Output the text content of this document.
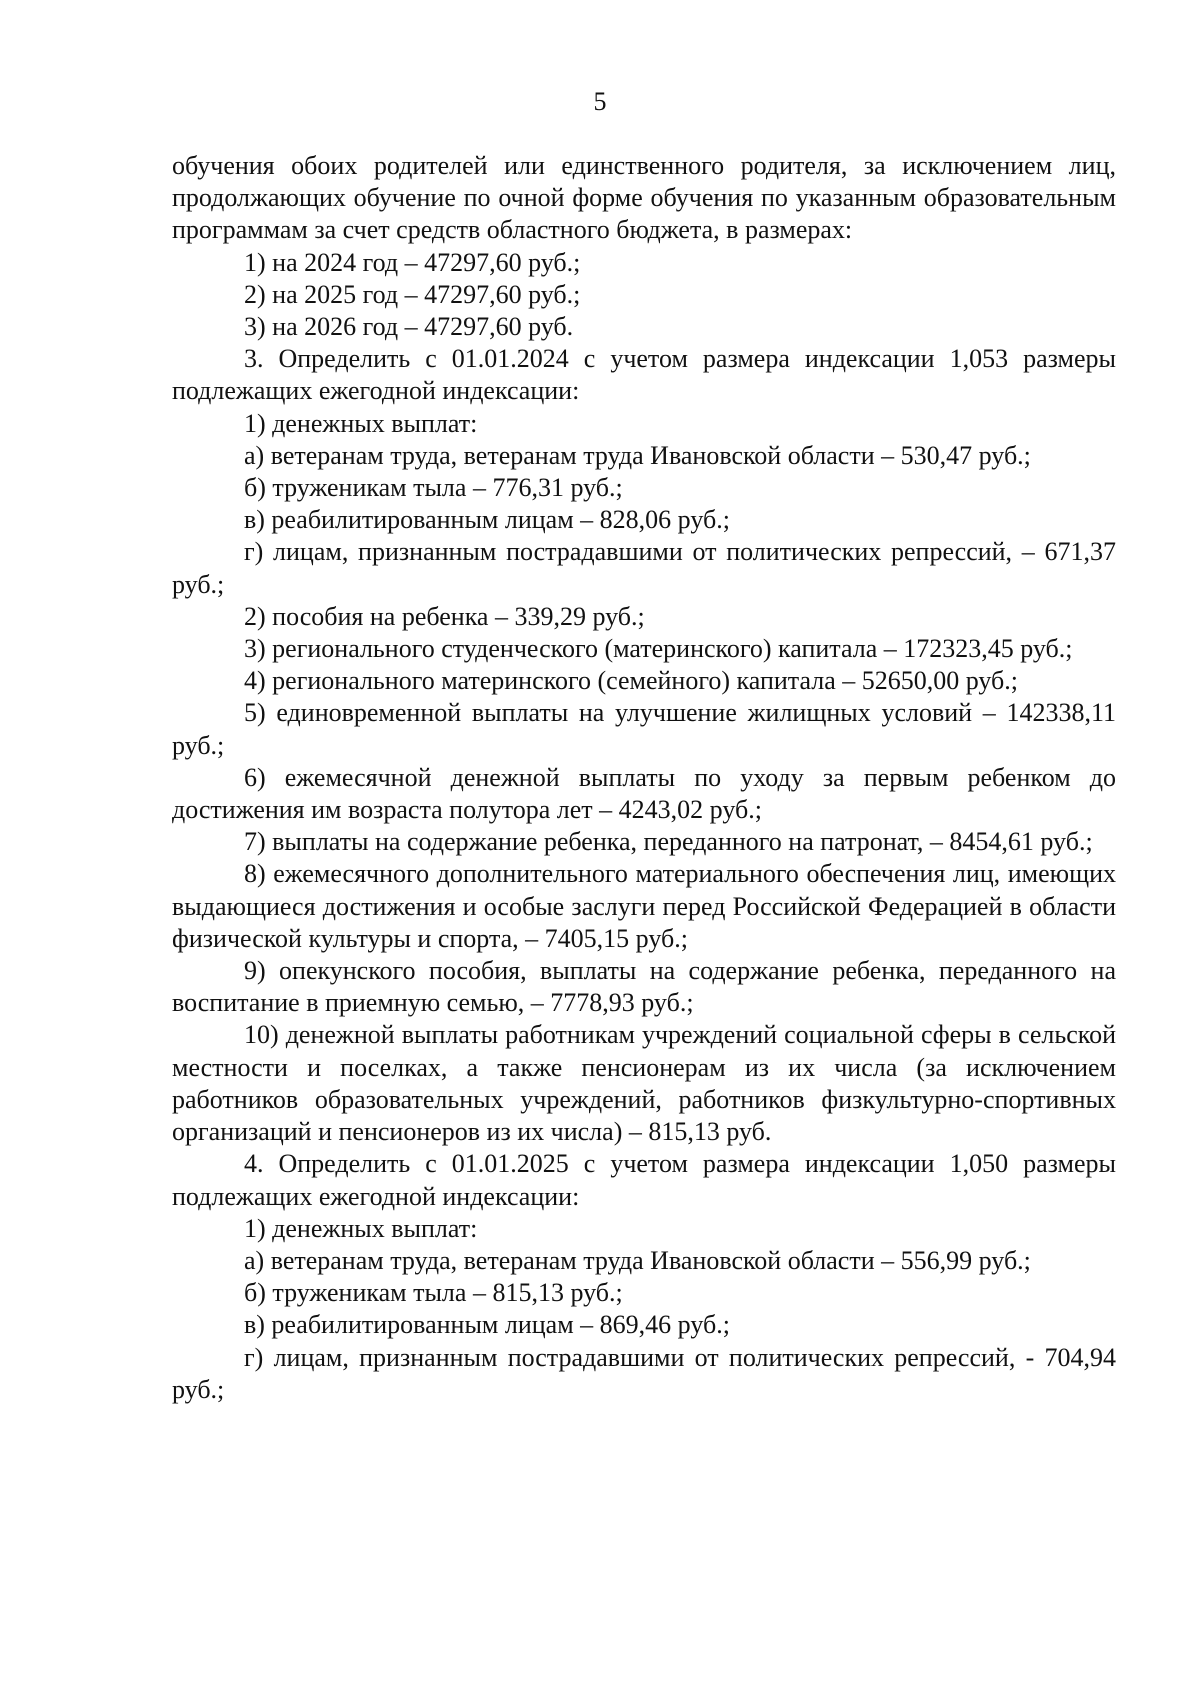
5

обучения обоих родителей или единственного родителя, за исключением лиц, продолжающих обучение по очной форме обучения по указанным образовательным программам за счет средств областного бюджета, в размерах:

1) на 2024 год – 47297,60 руб.;

2) на 2025 год – 47297,60 руб.;

3) на 2026 год – 47297,60 руб.

3. Определить с 01.01.2024 с учетом размера индексации 1,053 размеры подлежащих ежегодной индексации:

1) денежных выплат:

а) ветеранам труда, ветеранам труда Ивановской области – 530,47 руб.;

б) труженикам тыла – 776,31 руб.;

в) реабилитированным лицам – 828,06 руб.;

г) лицам, признанным пострадавшими от политических репрессий, – 671,37 руб.;

2) пособия на ребенка – 339,29 руб.;

3) регионального студенческого (материнского) капитала – 172323,45 руб.;

4) регионального материнского (семейного) капитала – 52650,00 руб.;

5) единовременной выплаты на улучшение жилищных условий – 142338,11 руб.;

6) ежемесячной денежной выплаты по уходу за первым ребенком до достижения им возраста полутора лет – 4243,02 руб.;

7) выплаты на содержание ребенка, переданного на патронат, – 8454,61 руб.;

8) ежемесячного дополнительного материального обеспечения лиц, имеющих выдающиеся достижения и особые заслуги перед Российской Федерацией в области физической культуры и спорта, – 7405,15 руб.;

9) опекунского пособия, выплаты на содержание ребенка, переданного на воспитание в приемную семью, – 7778,93 руб.;

10) денежной выплаты работникам учреждений социальной сферы в сельской местности и поселках, а также пенсионерам из их числа (за исключением работников образовательных учреждений, работников физкультурно-спортивных организаций и пенсионеров из их числа) – 815,13 руб.

4. Определить с 01.01.2025 с учетом размера индексации 1,050 размеры подлежащих ежегодной индексации:

1) денежных выплат:

а) ветеранам труда, ветеранам труда Ивановской области – 556,99 руб.;

б) труженикам тыла – 815,13 руб.;

в) реабилитированным лицам – 869,46 руб.;

г) лицам, признанным пострадавшими от политических репрессий, - 704,94 руб.;
